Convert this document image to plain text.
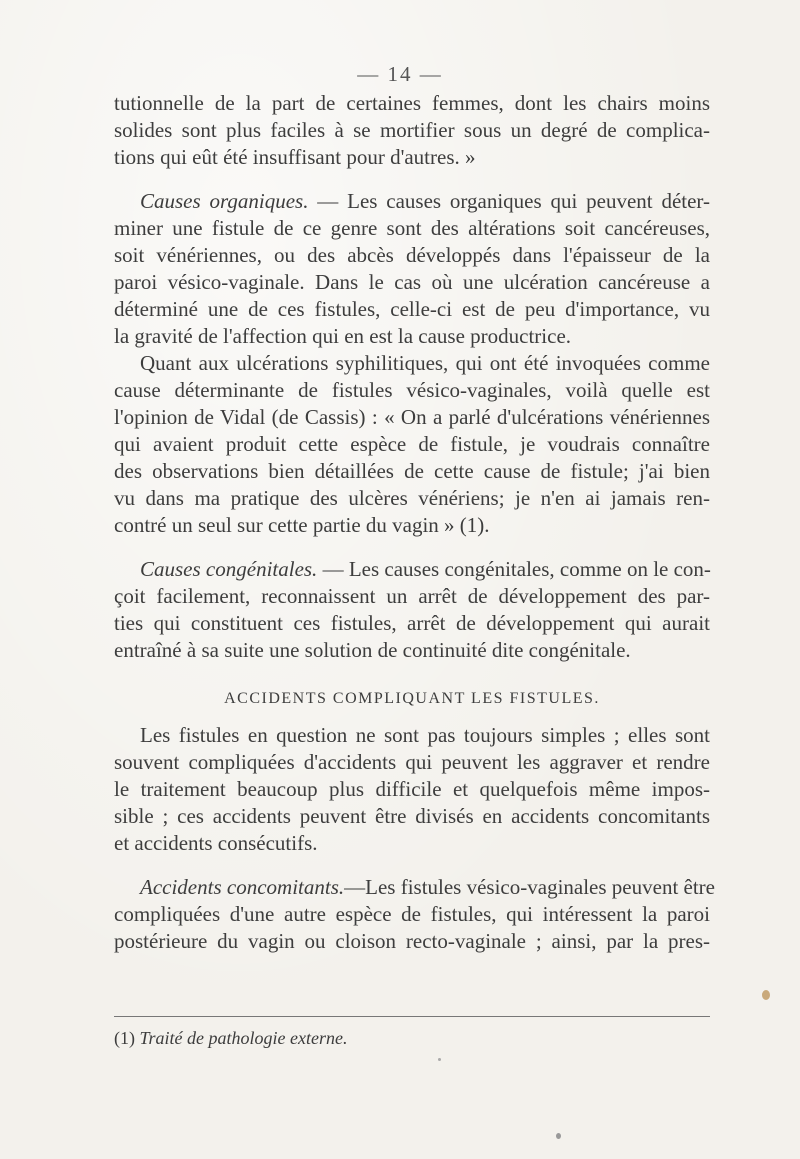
— 14 —
tutionnelle de la part de certaines femmes, dont les chairs moins
solides sont plus faciles à se mortifier sous un degré de complica-
tions qui eût été insuffisant pour d'autres. »
Causes organiques. — Les causes organiques qui peuvent déter-
miner une fistule de ce genre sont des altérations soit cancéreuses,
soit vénériennes, ou des abcès développés dans l'épaisseur de la
paroi vésico-vaginale. Dans le cas où une ulcération cancéreuse a
déterminé une de ces fistules, celle-ci est de peu d'importance, vu
la gravité de l'affection qui en est la cause productrice.
Quant aux ulcérations syphilitiques, qui ont été invoquées comme
cause déterminante de fistules vésico-vaginales, voilà quelle est
l'opinion de Vidal (de Cassis) : « On a parlé d'ulcérations vénériennes
qui avaient produit cette espèce de fistule, je voudrais connaître
des observations bien détaillées de cette cause de fistule; j'ai bien
vu dans ma pratique des ulcères vénériens; je n'en ai jamais ren-
contré un seul sur cette partie du vagin » (1).
Causes congénitales. — Les causes congénitales, comme on le con-
çoit facilement, reconnaissent un arrêt de développement des par-
ties qui constituent ces fistules, arrêt de développement qui aurait
entraîné à sa suite une solution de continuité dite congénitale.
ACCIDENTS COMPLIQUANT LES FISTULES.
Les fistules en question ne sont pas toujours simples ; elles sont
souvent compliquées d'accidents qui peuvent les aggraver et rendre
le traitement beaucoup plus difficile et quelquefois même impos-
sible ; ces accidents peuvent être divisés en accidents concomitants
et accidents consécutifs.
Accidents concomitants.—Les fistules vésico-vaginales peuvent être
compliquées d'une autre espèce de fistules, qui intéressent la paroi
postérieure du vagin ou cloison recto-vaginale ; ainsi, par la pres-
(1) Traité de pathologie externe.
